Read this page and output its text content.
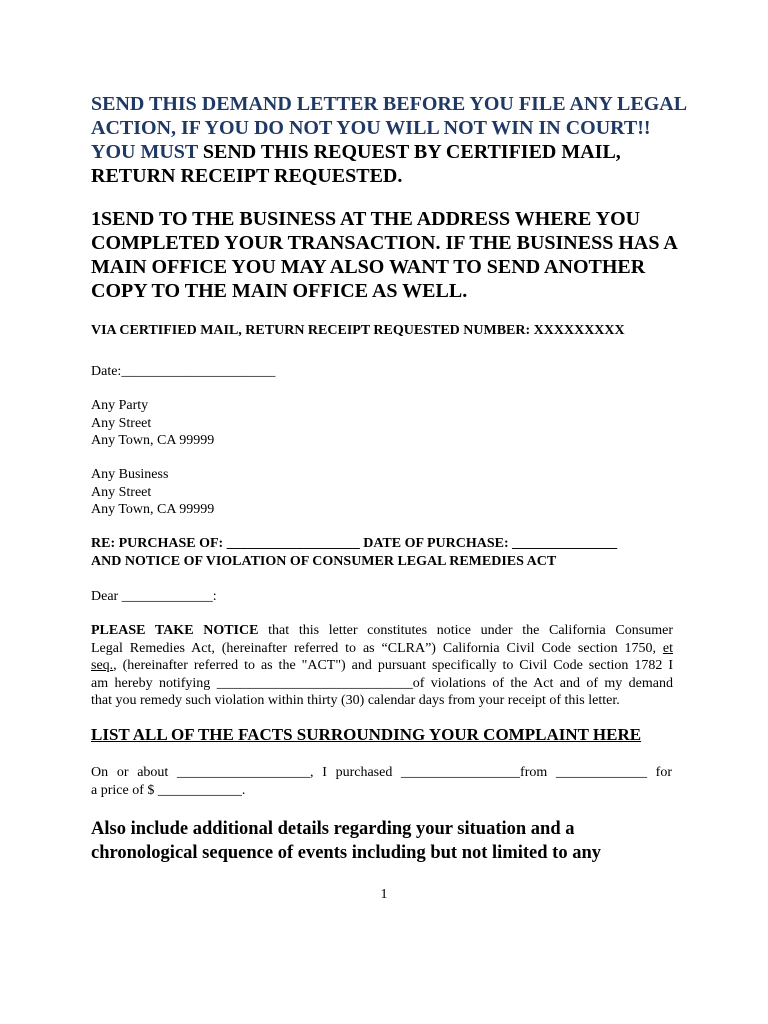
SEND THIS DEMAND LETTER BEFORE YOU FILE ANY LEGAL ACTION, IF YOU DO NOT YOU WILL NOT WIN IN COURT!! YOU MUST SEND THIS REQUEST BY CERTIFIED MAIL, RETURN RECEIPT REQUESTED.

1SEND TO THE BUSINESS AT THE ADDRESS WHERE YOU COMPLETED YOUR TRANSACTION. IF THE BUSINESS HAS A MAIN OFFICE YOU MAY ALSO WANT TO SEND ANOTHER COPY TO THE MAIN OFFICE AS WELL.

VIA CERTIFIED MAIL, RETURN RECEIPT REQUESTED NUMBER: XXXXXXXXX

Date:______________________

Any Party
Any Street
Any Town, CA 99999
Any Business
Any Street
Any Town, CA 99999
RE: PURCHASE OF: ___________________ DATE OF PURCHASE: _______________
AND NOTICE OF VIOLATION OF CONSUMER LEGAL REMEDIES ACT

Dear _____________:

PLEASE TAKE NOTICE that this letter constitutes notice under the California Consumer
Legal Remedies Act, (hereinafter referred to as “CLRA”) California Civil Code section 1750, et
seq., (hereinafter referred to as the "ACT") and pursuant specifically to Civil Code section 1782 I
am hereby notifying ____________________________of violations of the Act and of my demand
that you remedy such violation within thirty (30) calendar days from your receipt of this letter.

LIST ALL OF THE FACTS SURROUNDING YOUR COMPLAINT HERE

On or about ___________________, I purchased _________________from _____________ for
a price of $ ____________.

Also include additional details regarding your situation and a chronological sequence of events including but not limited to any

1
